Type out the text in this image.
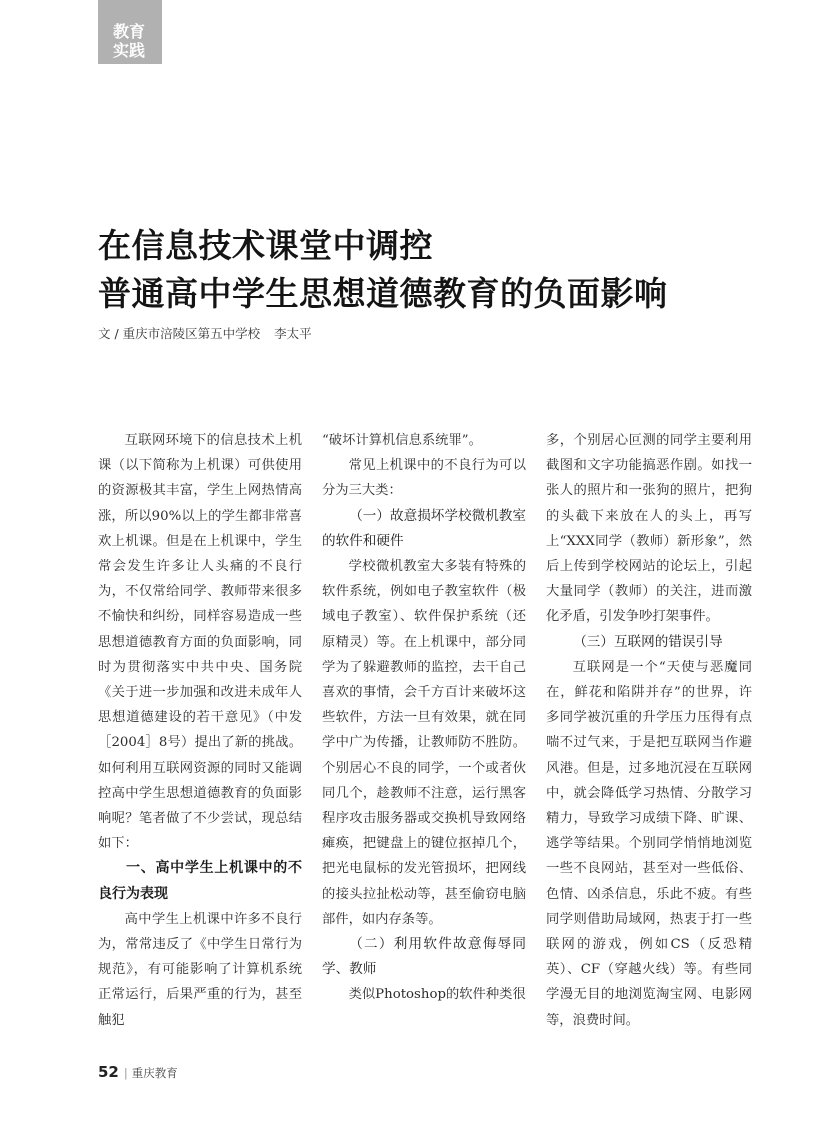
教育
实践
在信息技术课堂中调控
普通高中学生思想道德教育的负面影响
文 / 重庆市涪陵区第五中学校 李太平

互联网环境下的信息技术上机课（以下简称为上机课）可供使用的资源极其丰富，学生上网热情高涨，所以90%以上的学生都非常喜欢上机课。但是在上机课中，学生常会发生许多让人头痛的不良行为，不仅常给同学、教师带来很多不愉快和纠纷，同样容易造成一些思想道德教育方面的负面影响，同时为贯彻落实中共中央、国务院《关于进一步加强和改进未成年人思想道德建设的若干意见》（中发［2004］8号）提出了新的挑战。如何利用互联网资源的同时又能调控高中学生思想道德教育的负面影响呢？笔者做了不少尝试，现总结如下：

一、高中学生上机课中的不良行为表现

高中学生上机课中许多不良行为，常常违反了《中学生日常行为规范》，有可能影响了计算机系统正常运行，后果严重的行为，甚至触犯

“破坏计算机信息系统罪”。

常见上机课中的不良行为可以分为三大类：

（一）故意损坏学校微机教室的软件和硬件

学校微机教室大多装有特殊的软件系统，例如电子教室软件（极域电子教室）、软件保护系统（还原精灵）等。在上机课中，部分同学为了躲避教师的监控，去干自己喜欢的事情，会千方百计来破坏这些软件，方法一旦有效果，就在同学中广为传播，让教师防不胜防。个别居心不良的同学，一个或者伙同几个，趁教师不注意，运行黑客程序攻击服务器或交换机导致网络瘫痪，把键盘上的键位抠掉几个，把光电鼠标的发光管损坏，把网线的接头拉扯松动等，甚至偷窃电脑部件，如内存条等。

（二）利用软件故意侮辱同学、教师

类似Photoshop的软件种类很

多，个别居心叵测的同学主要利用截图和文字功能搞恶作剧。如找一张人的照片和一张狗的照片，把狗的头截下来放在人的头上，再写上“XXX同学（教师）新形象”，然后上传到学校网站的论坛上，引起大量同学（教师）的关注，进而激化矛盾，引发争吵打架事件。

（三）互联网的错误引导

互联网是一个“天使与恶魔同在，鲜花和陷阱并存”的世界，许多同学被沉重的升学压力压得有点喘不过气来，于是把互联网当作避风港。但是，过多地沉浸在互联网中，就会降低学习热情、分散学习精力，导致学习成绩下降、旷课、逃学等结果。个别同学悄悄地浏览一些不良网站，甚至对一些低俗、色情、凶杀信息，乐此不疲。有些同学则借助局域网，热衷于打一些联网的游戏，例如CS（反恐精英）、CF（穿越火线）等。有些同学漫无目的地浏览淘宝网、电影网等，浪费时间。

52 | 重庆教育
